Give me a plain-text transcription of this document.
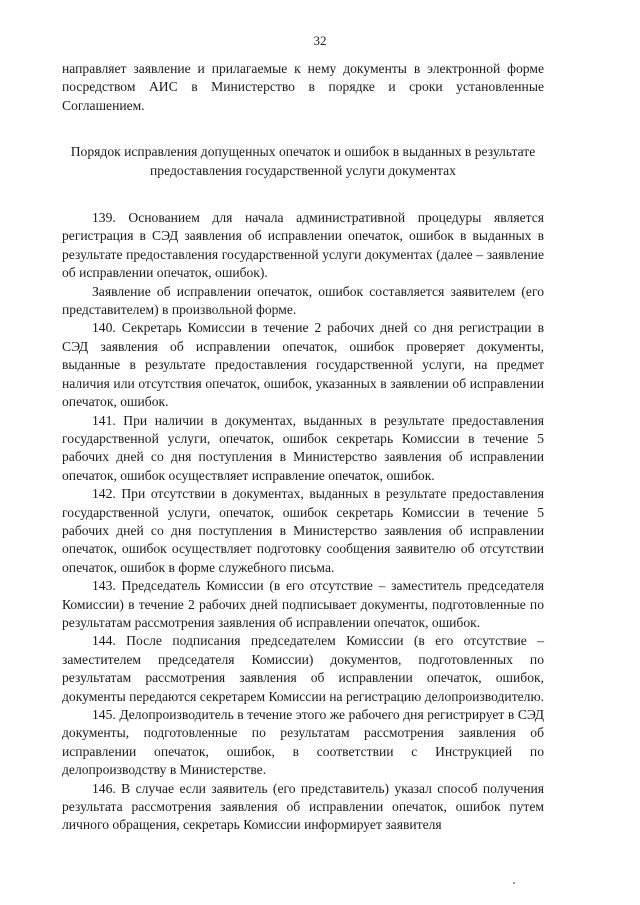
32

направляет заявление и прилагаемые к нему документы в электронной форме посредством АИС в Министерство в порядке и сроки установленные Соглашением.

Порядок исправления допущенных опечаток и ошибок в выданных в результате предоставления государственной услуги документах

139. Основанием для начала административной процедуры является регистрация в СЭД заявления об исправлении опечаток, ошибок в выданных в результате предоставления государственной услуги документах (далее – заявление об исправлении опечаток, ошибок).

Заявление об исправлении опечаток, ошибок составляется заявителем (его представителем) в произвольной форме.

140. Секретарь Комиссии в течение 2 рабочих дней со дня регистрации в СЭД заявления об исправлении опечаток, ошибок проверяет документы, выданные в результате предоставления государственной услуги, на предмет наличия или отсутствия опечаток, ошибок, указанных в заявлении об исправлении опечаток, ошибок.

141. При наличии в документах, выданных в результате предоставления государственной услуги, опечаток, ошибок секретарь Комиссии в течение 5 рабочих дней со дня поступления в Министерство заявления об исправлении опечаток, ошибок осуществляет исправление опечаток, ошибок.

142. При отсутствии в документах, выданных в результате предоставления государственной услуги, опечаток, ошибок секретарь Комиссии в течение 5 рабочих дней со дня поступления в Министерство заявления об исправлении опечаток, ошибок осуществляет подготовку сообщения заявителю об отсутствии опечаток, ошибок в форме служебного письма.

143. Председатель Комиссии (в его отсутствие – заместитель председателя Комиссии) в течение 2 рабочих дней подписывает документы, подготовленные по результатам рассмотрения заявления об исправлении опечаток, ошибок.

144. После подписания председателем Комиссии (в его отсутствие – заместителем председателя Комиссии) документов, подготовленных по результатам рассмотрения заявления об исправлении опечаток, ошибок, документы передаются секретарем Комиссии на регистрацию делопроизводителю.

145. Делопроизводитель в течение этого же рабочего дня регистрирует в СЭД документы, подготовленные по результатам рассмотрения заявления об исправлении опечаток, ошибок, в соответствии с Инструкцией по делопроизводству в Министерстве.

146. В случае если заявитель (его представитель) указал способ получения результата рассмотрения заявления об исправлении опечаток, ошибок путем личного обращения, секретарь Комиссии информирует заявителя
